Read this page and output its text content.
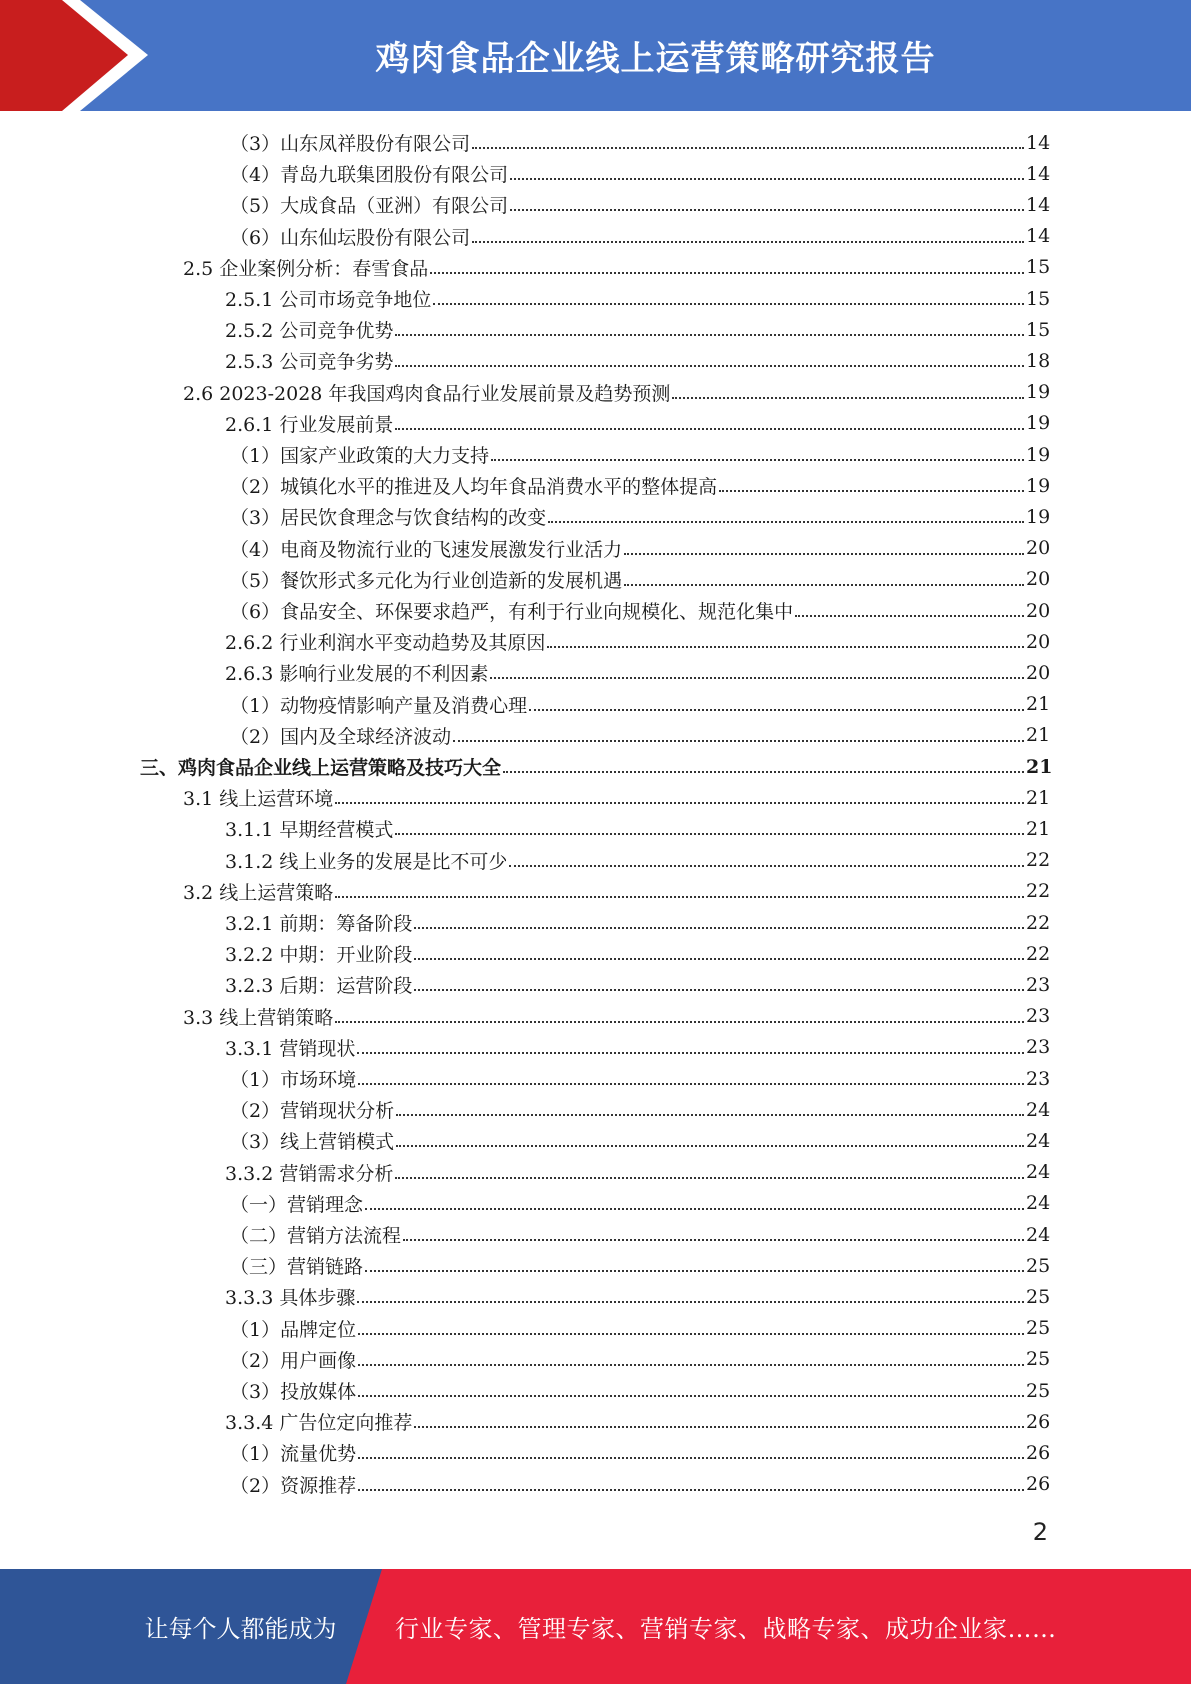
鸡肉食品企业线上运营策略研究报告
（3）山东凤祥股份有限公司	14
（4）青岛九联集团股份有限公司	14
（5）大成食品（亚洲）有限公司	14
（6）山东仙坛股份有限公司	14
2.5 企业案例分析：春雪食品	15
2.5.1 公司市场竞争地位	15
2.5.2 公司竞争优势	15
2.5.3 公司竞争劣势	18
2.6 2023-2028 年我国鸡肉食品行业发展前景及趋势预测	19
2.6.1 行业发展前景	19
（1）国家产业政策的大力支持	19
（2）城镇化水平的推进及人均年食品消费水平的整体提高	19
（3）居民饮食理念与饮食结构的改变	19
（4）电商及物流行业的飞速发展激发行业活力	20
（5）餐饮形式多元化为行业创造新的发展机遇	20
（6）食品安全、环保要求趋严，有利于行业向规模化、规范化集中	20
2.6.2 行业利润水平变动趋势及其原因	20
2.6.3 影响行业发展的不利因素	20
（1）动物疫情影响产量及消费心理	21
（2）国内及全球经济波动	21
三、鸡肉食品企业线上运营策略及技巧大全	21
3.1 线上运营环境	21
3.1.1 早期经营模式	21
3.1.2 线上业务的发展是比不可少	22
3.2 线上运营策略	22
3.2.1 前期：筹备阶段	22
3.2.2 中期：开业阶段	22
3.2.3 后期：运营阶段	23
3.3 线上营销策略	23
3.3.1 营销现状	23
（1）市场环境	23
（2）营销现状分析	24
（3）线上营销模式	24
3.3.2 营销需求分析	24
（一）营销理念	24
（二）营销方法流程	24
（三）营销链路	25
3.3.3 具体步骤	25
（1）品牌定位	25
（2）用户画像	25
（3）投放媒体	25
3.3.4 广告位定向推荐	26
（1）流量优势	26
（2）资源推荐	26
2
让每个人都能成为	行业专家、管理专家、营销专家、战略专家、成功企业家……
